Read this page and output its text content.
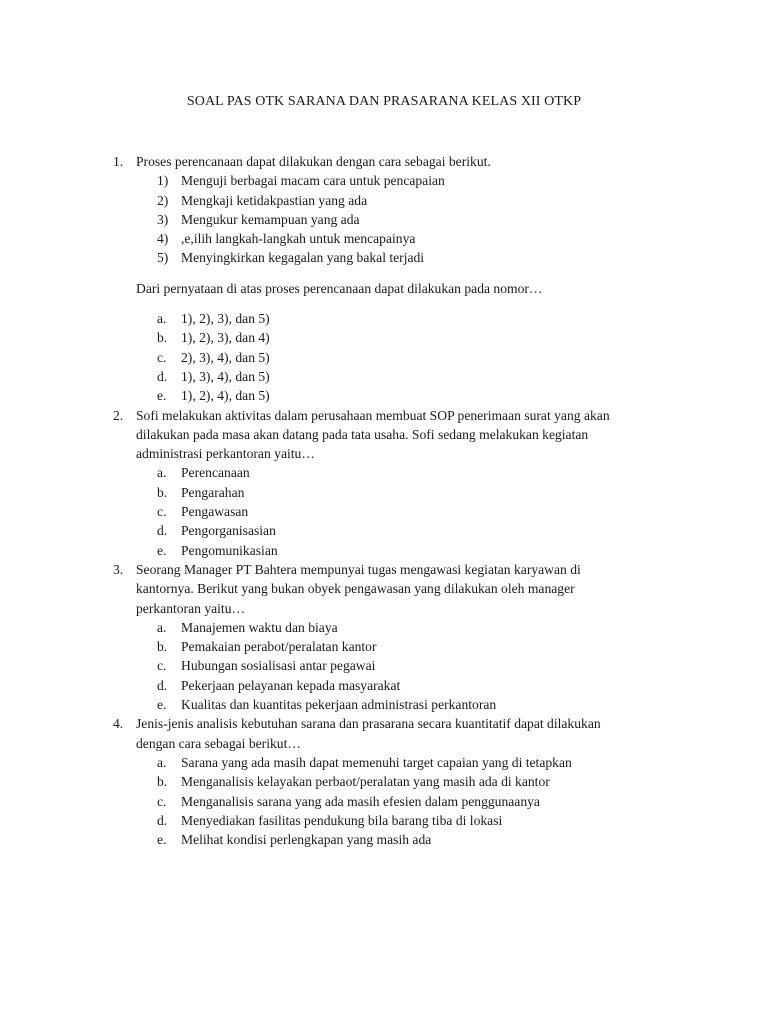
SOAL PAS OTK SARANA DAN PRASARANA KELAS XII OTKP
1. Proses perencanaan dapat dilakukan dengan cara sebagai berikut.
1) Menguji berbagai macam cara untuk pencapaian
2) Mengkaji ketidakpastian yang ada
3) Mengukur kemampuan yang ada
4) ,e,ilih langkah-langkah untuk mencapainya
5) Menyingkirkan kegagalan yang bakal terjadi
Dari pernyataan di atas proses perencanaan dapat dilakukan pada nomor…
a. 1), 2), 3), dan 5)
b. 1), 2), 3), dan 4)
c. 2), 3), 4), dan 5)
d. 1), 3), 4), dan 5)
e. 1), 2), 4), dan 5)
2. Sofi melakukan aktivitas dalam perusahaan membuat SOP penerimaan surat yang akan
dilakukan pada masa akan datang pada tata usaha. Sofi sedang melakukan kegiatan
administrasi perkantoran yaitu…
a. Perencanaan
b. Pengarahan
c. Pengawasan
d. Pengorganisasian
e. Pengomunikasian
3. Seorang Manager PT Bahtera mempunyai tugas mengawasi kegiatan karyawan di
kantornya. Berikut yang bukan obyek pengawasan yang dilakukan oleh manager
perkantoran yaitu…
a. Manajemen waktu dan biaya
b. Pemakaian perabot/peralatan kantor
c. Hubungan sosialisasi antar pegawai
d. Pekerjaan pelayanan kepada masyarakat
e. Kualitas dan kuantitas pekerjaan administrasi perkantoran
4. Jenis-jenis analisis kebutuhan sarana dan prasarana secara kuantitatif dapat dilakukan
dengan cara sebagai berikut…
a. Sarana yang ada masih dapat memenuhi target capaian yang di tetapkan
b. Menganalisis kelayakan perbaot/peralatan yang masih ada di kantor
c. Menganalisis sarana yang ada masih efesien dalam penggunaanya
d. Menyediakan fasilitas pendukung bila barang tiba di lokasi
e. Melihat kondisi perlengkapan yang masih ada
